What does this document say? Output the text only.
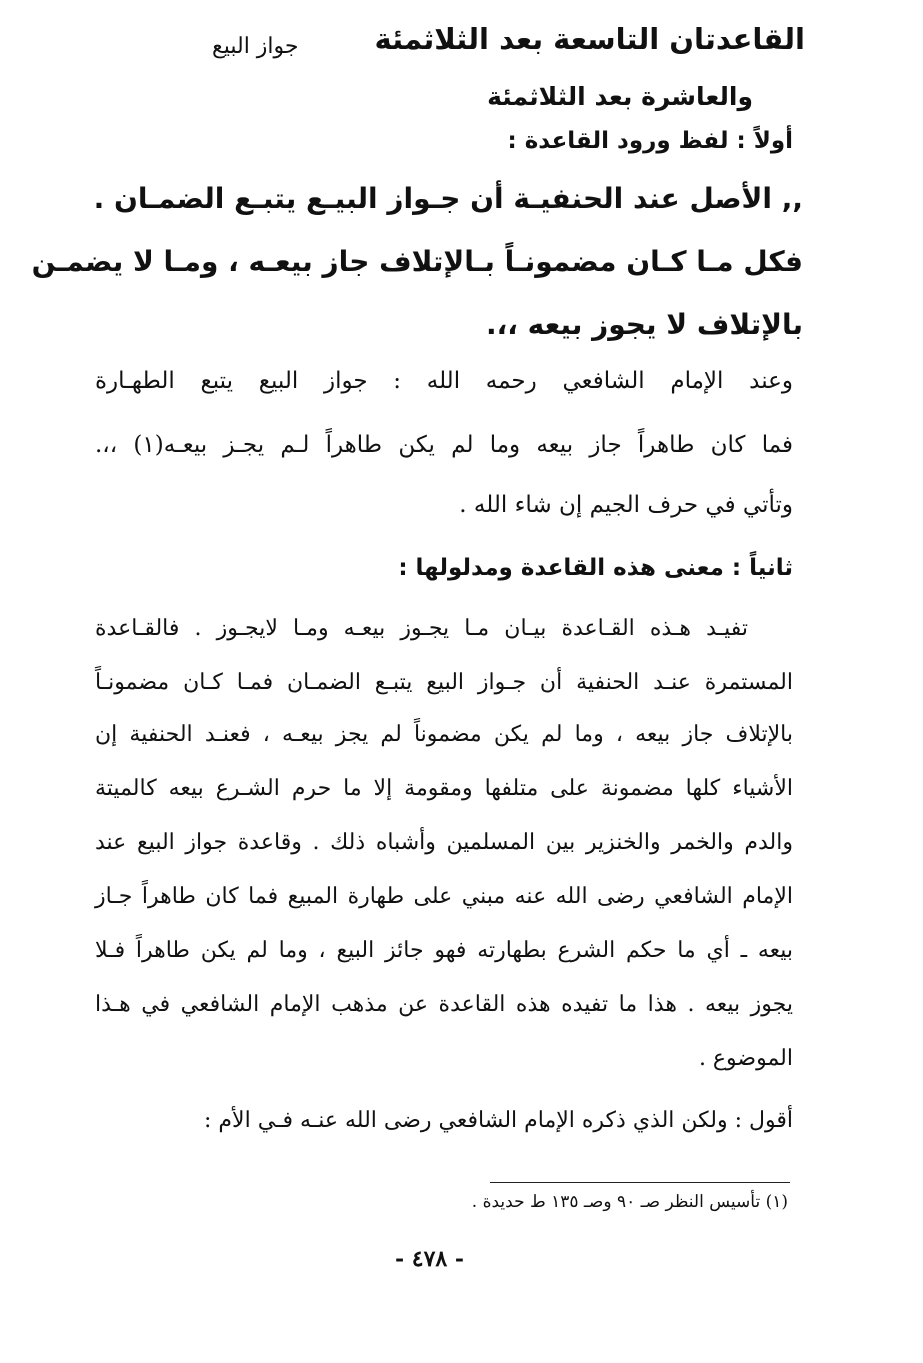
القاعدتان التاسعة بعد الثلاثمئة
جواز البيع
والعاشرة بعد الثلاثمئة
أولاً : لفظ ورود القاعدة :
,, الأصل عند الحنفيـة أن جـواز البيـع يتبـع الضمـان .
فكل مـا كـان مضمونـاً بـالإتلاف جاز بيعـه ، ومـا لا يضمـن
بالإتلاف لا يجوز بيعه ،،.
وعند الإمام الشافعي رحمه الله : جواز البيع يتبع الطهـارة
فما كان طاهراً جاز بيعه وما لم يكن طاهراً لـم يجـز بيعـه(١) ،،.
وتأتي في حرف الجيم إن شاء الله .
ثانياً : معنى هذه القاعدة ومدلولها :
تفيـد هـذه القـاعدة بيـان مـا يجـوز بيعـه ومـا لايجـوز . فالقـاعدة
المستمرة عنـد الحنفية أن جـواز البيع يتبـع الضمـان فمـا كـان مضمونـاً
بالإتلاف جاز بيعه ، وما لم يكن مضموناً لم يجز بيعـه ، فعنـد الحنفية إن
الأشياء كلها مضمونة على متلفها ومقومة إلا ما حرم الشـرع بيعه كالميتة
والدم والخمر والخنزير بين المسلمين وأشباه ذلك . وقاعدة جواز البيع عند
الإمام الشافعي رضى الله عنه مبني على طهارة المبيع فما كان طاهراً جـاز
بيعه ـ أي ما حكم الشرع بطهارته فهو جائز البيع ، وما لم يكن طاهراً فـلا
يجوز بيعه . هذا ما تفيده هذه القاعدة عن مذهب الإمام الشافعي في هـذا
الموضوع .
أقول : ولكن الذي ذكره الإمام الشافعي رضى الله عنـه فـي الأم :
(١) تأسيس النظر صـ ٩٠ وصـ ١٣٥ ط حديدة .
- ٤٧٨ -
